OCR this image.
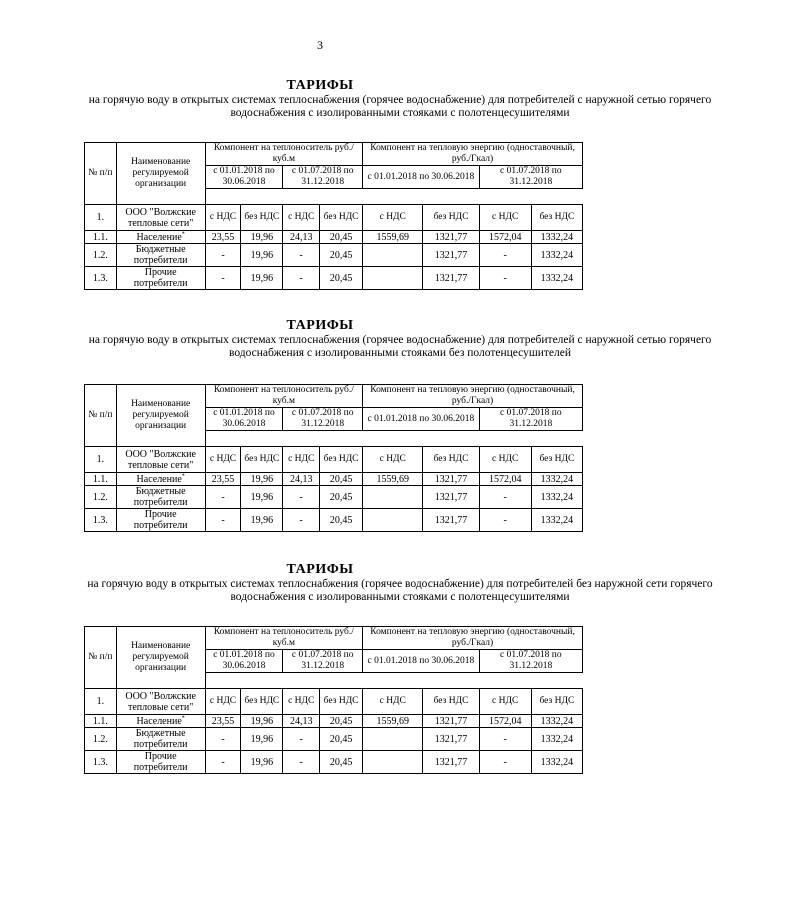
3
ТАРИФЫ
на горячую воду в открытых системах теплоснабжения (горячее водоснабжение) для потребителей с наружной сетью горячего водоснабжения с изолированными стояками с полотенцесушителями
№ п/п	Наименование регулируемой организации	Компонент на теплоноситель руб./куб.м				Компонент на тепловую энергию (одноставочный, руб./Гкал)			
		с 01.01.2018 по 30.06.2018		с 01.07.2018 по 31.12.2018		с 01.01.2018 по 30.06.2018		с 01.07.2018 по 31.12.2018	

1.	ООО "Волжские тепловые сети"	с НДС	без НДС	с НДС	без НДС	с НДС	без НДС	с НДС	без НДС
1.1.	Население*	23,55	19,96	24,13	20,45	1559,69	1321,77	1572,04	1332,24
1.2.	Бюджетные потребители	-	19,96	-	20,45		1321,77	-	1332,24
1.3.	Прочие потребители	-	19,96	-	20,45		1321,77	-	1332,24
ТАРИФЫ
на горячую воду в открытых системах теплоснабжения (горячее водоснабжение) для потребителей с наружной сетью горячего водоснабжения с изолированными стояками без полотенцесушителей
№ п/п	Наименование регулируемой организации	Компонент на теплоноситель руб./куб.м				Компонент на тепловую энергию (одноставочный, руб./Гкал)			
		с 01.01.2018 по 30.06.2018		с 01.07.2018 по 31.12.2018		с 01.01.2018 по 30.06.2018		с 01.07.2018 по 31.12.2018	

1.	ООО "Волжские тепловые сети"	с НДС	без НДС	с НДС	без НДС	с НДС	без НДС	с НДС	без НДС
1.1.	Население*	23,55	19,96	24,13	20,45	1559,69	1321,77	1572,04	1332,24
1.2.	Бюджетные потребители	-	19,96	-	20,45		1321,77	-	1332,24
1.3.	Прочие потребители	-	19,96	-	20,45		1321,77	-	1332,24
ТАРИФЫ
на горячую воду в открытых системах теплоснабжения (горячее водоснабжение) для потребителей без наружной сети горячего водоснабжения с изолированными стояками с полотенцесушителями
№ п/п	Наименование регулируемой организации	Компонент на теплоноситель руб./куб.м				Компонент на тепловую энергию (одноставочный, руб./Гкал)			
		с 01.01.2018 по 30.06.2018		с 01.07.2018 по 31.12.2018		с 01.01.2018 по 30.06.2018		с 01.07.2018 по 31.12.2018	

1.	ООО "Волжские тепловые сети"	с НДС	без НДС	с НДС	без НДС	с НДС	без НДС	с НДС	без НДС
1.1.	Население*	23,55	19,96	24,13	20,45	1559,69	1321,77	1572,04	1332,24
1.2.	Бюджетные потребители	-	19,96	-	20,45		1321,77	-	1332,24
1.3.	Прочие потребители	-	19,96	-	20,45		1321,77	-	1332,24
